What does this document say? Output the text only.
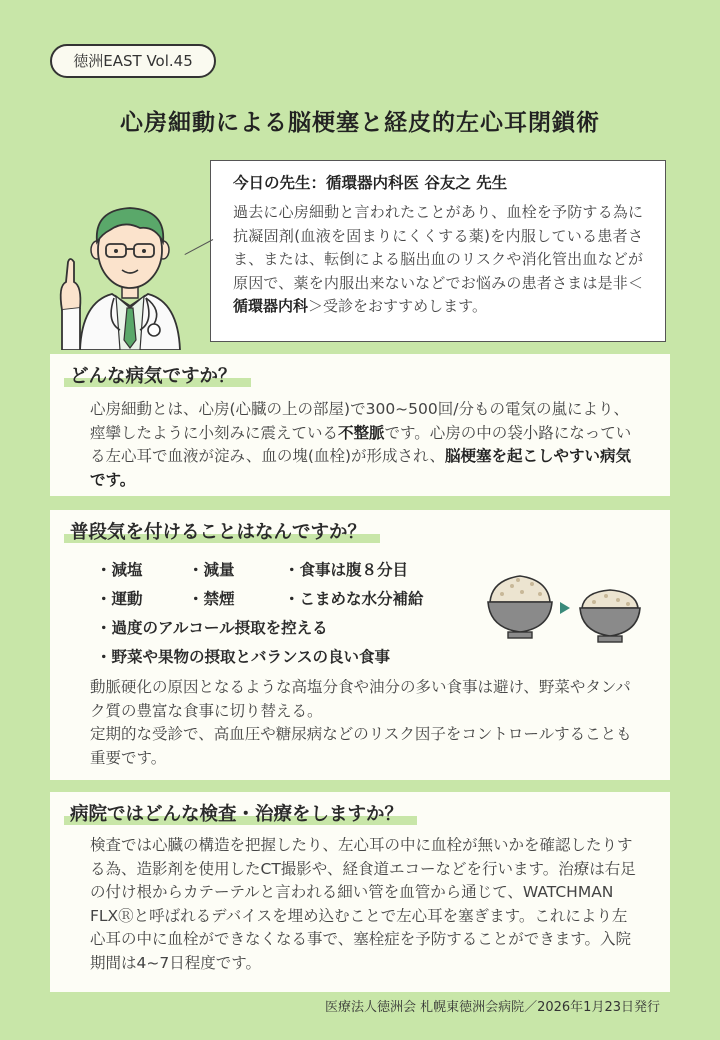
徳洲EAST Vol.45
心房細動による脳梗塞と経皮的左心耳閉鎖術
今日の先生：循環器内科医 谷友之 先生
過去に心房細動と言われたことがあり、血栓を予防する為に抗凝固剤(血液を固まりにくくする薬)を内服している患者さま、または、転倒による脳出血のリスクや消化管出血などが原因で、薬を内服出来ないなどでお悩みの患者さまは是非＜循環器内科＞受診をおすすめします。
どんな病気ですか？
心房細動とは、心房(心臓の上の部屋)で300~500回/分もの電気の嵐により、痙攣したように小刻みに震えている不整脈です。心房の中の袋小路になっている左心耳で血液が淀み、血の塊(血栓)が形成され、脳梗塞を起こしやすい病気です。
普段気を付けることはなんですか？
・減塩	・減量	・食事は腹８分目
・運動	・禁煙	・こまめな水分補給
・過度のアルコール摂取を控える
・野菜や果物の摂取とバランスの良い食事
動脈硬化の原因となるような高塩分食や油分の多い食事は避け、野菜やタンパク質の豊富な食事に切り替える。
定期的な受診で、高血圧や糖尿病などのリスク因子をコントロールすることも重要です。
病院ではどんな検査・治療をしますか？
検査では心臓の構造を把握したり、左心耳の中に血栓が無いかを確認したりする為、造影剤を使用したCT撮影や、経食道エコーなどを行います。治療は右足の付け根からカテーテルと言われる細い管を血管から通じて、WATCHMAN　FLXⓇと呼ばれるデバイスを埋め込むことで左心耳を塞ぎます。これにより左心耳の中に血栓ができなくなる事で、塞栓症を予防することができます。入院期間は4~7日程度です。
医療法人徳洲会 札幌東徳洲会病院／2026年1月23日発行
